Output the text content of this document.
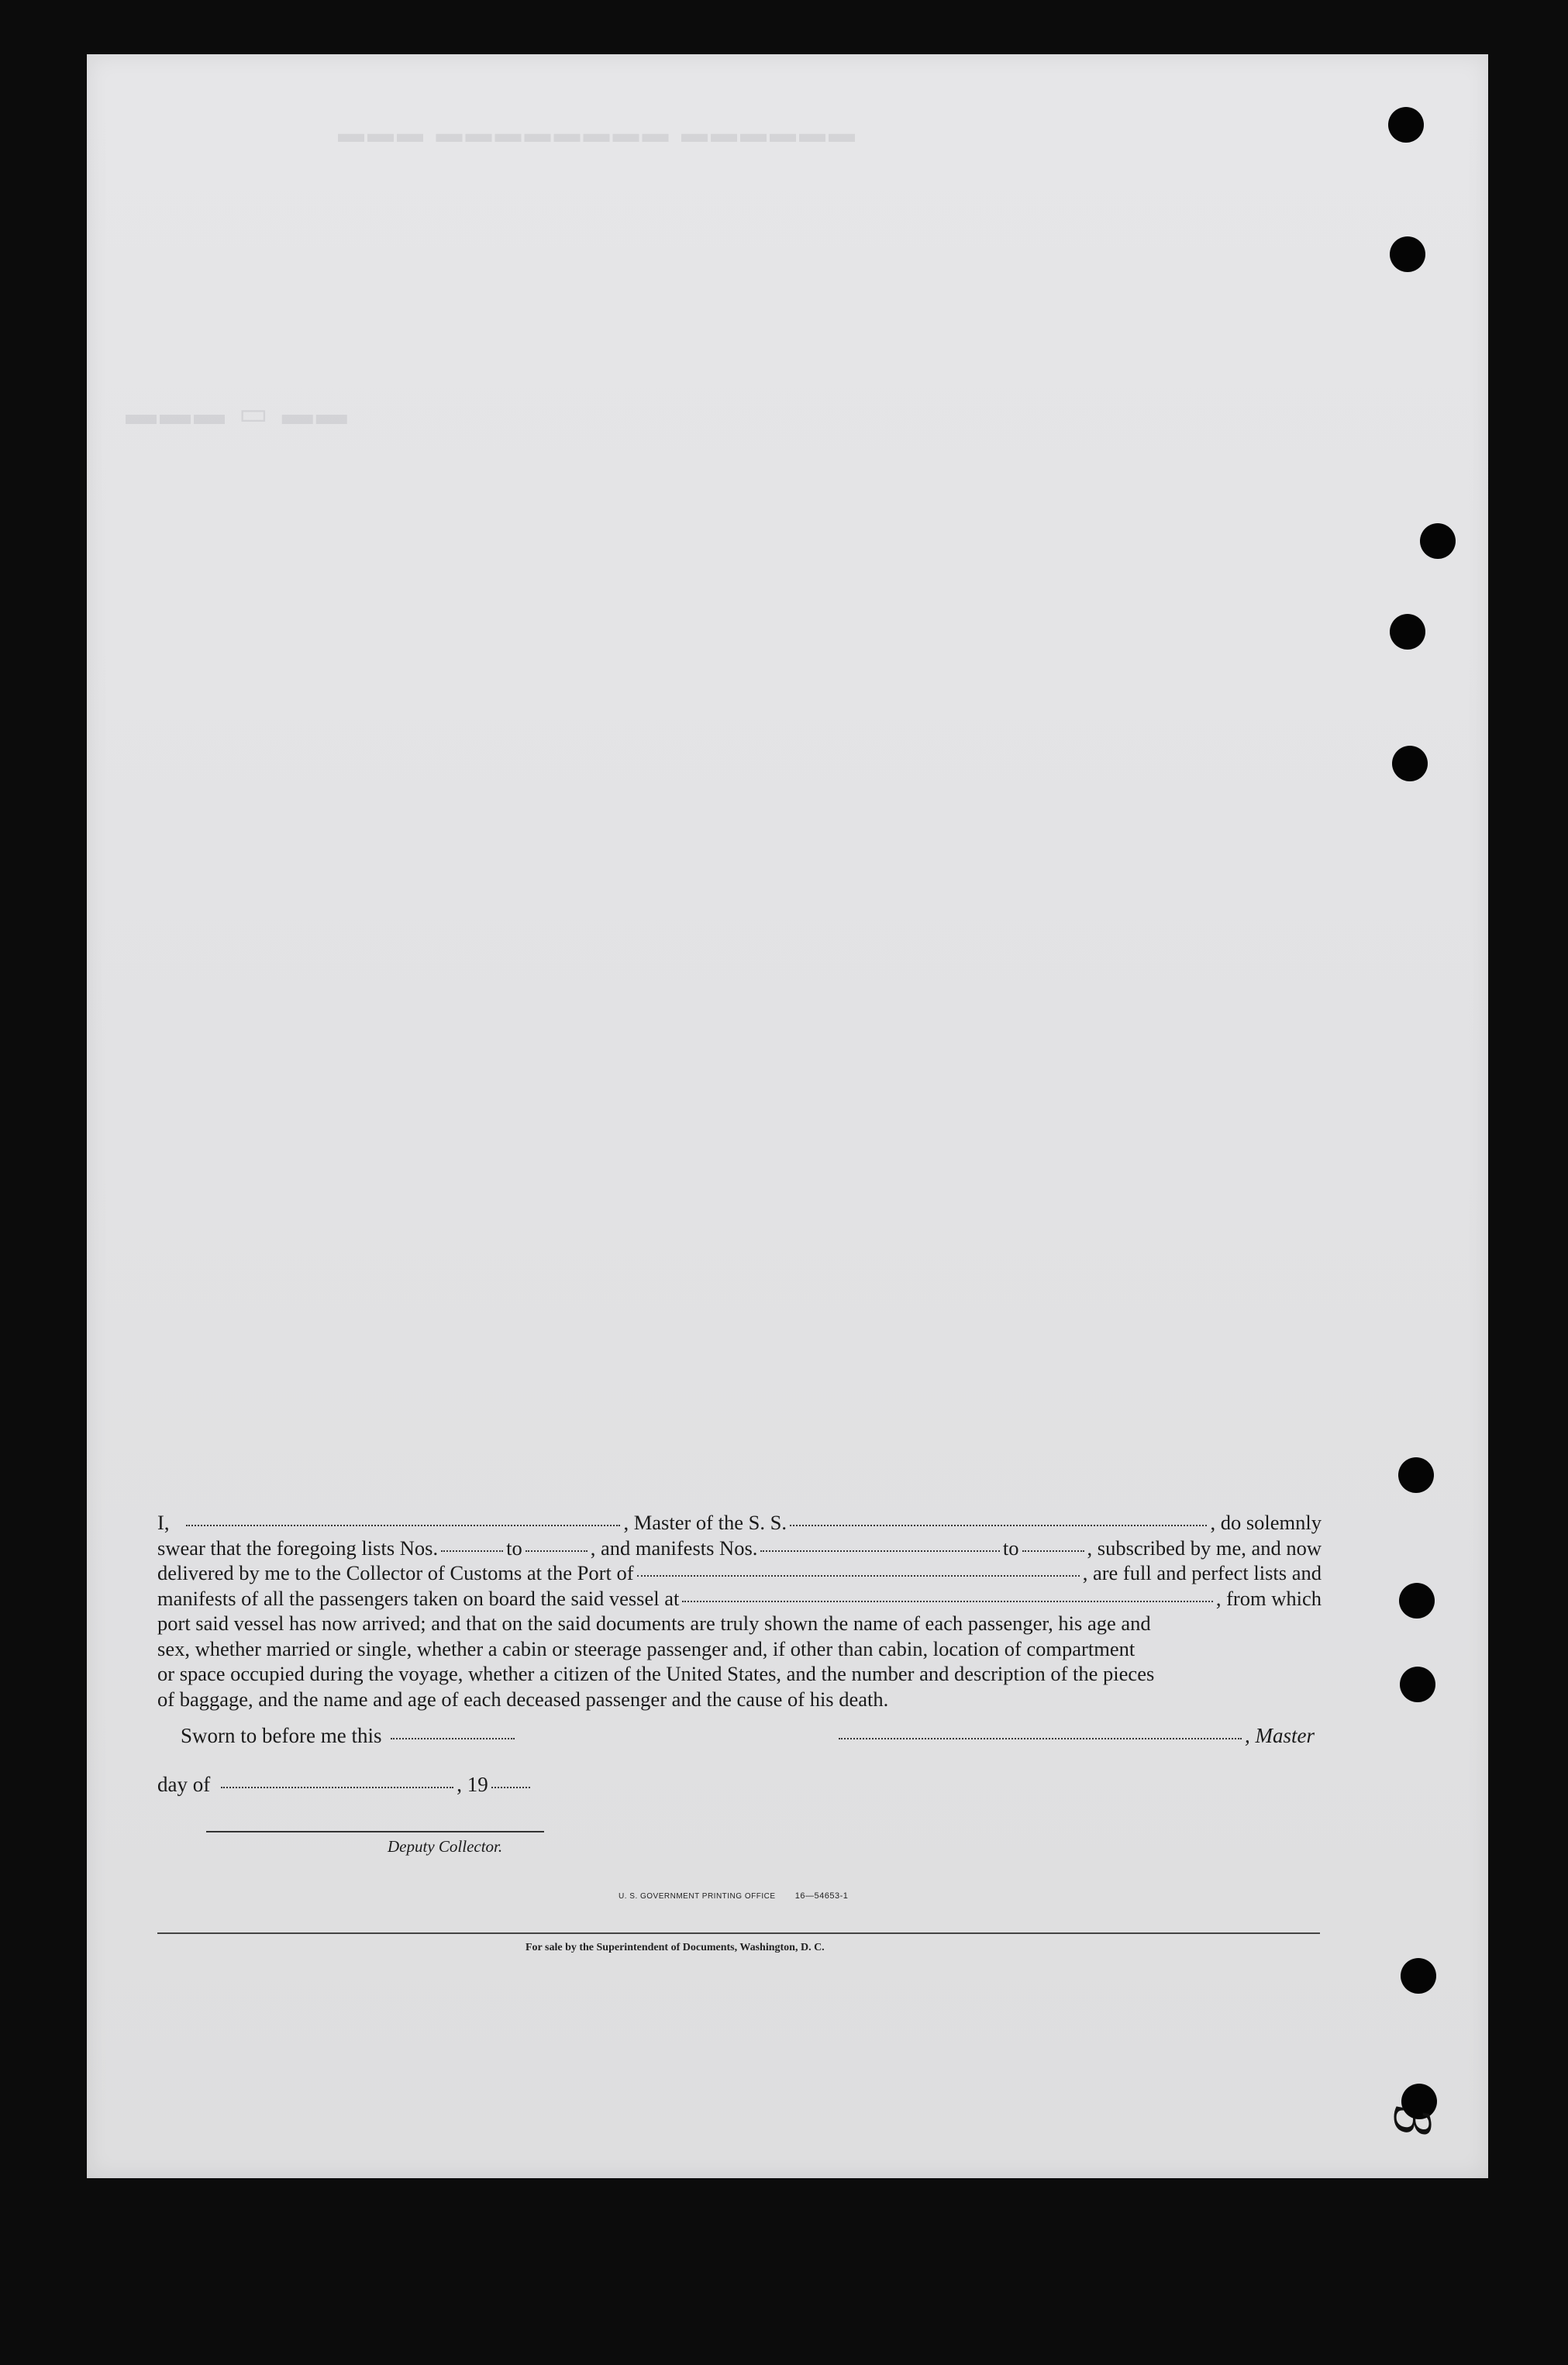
▬▬▬▬▬▬ ▬▬▬▬▬▬▬▬ ▬▬▬
▬▬▬ ▭ ▬▬
I,	, Master of the S. S.	, do solemnly
swear that the foregoing lists Nos.	to	, and manifests Nos.	to	, subscribed by me, and now
delivered by me to the Collector of Customs at the Port of	, are full and perfect lists and
manifests of all the passengers taken on board the said vessel at	, from which
port said vessel has now arrived; and that on the said documents are truly shown the name of each passenger, his age and
sex, whether married or single, whether a cabin or steerage passenger and, if other than cabin, location of compartment
or space occupied during the voyage, whether a citizen of the United States, and the number and description of the pieces
of baggage, and the name and age of each deceased passenger and the cause of his death.
Sworn to before me this	, Master
day of	, 19
Deputy Collector.
U. S. GOVERNMENT PRINTING OFFICE 16—54653-1
For sale by the Superintendent of Documents, Washington, D. C.
3
